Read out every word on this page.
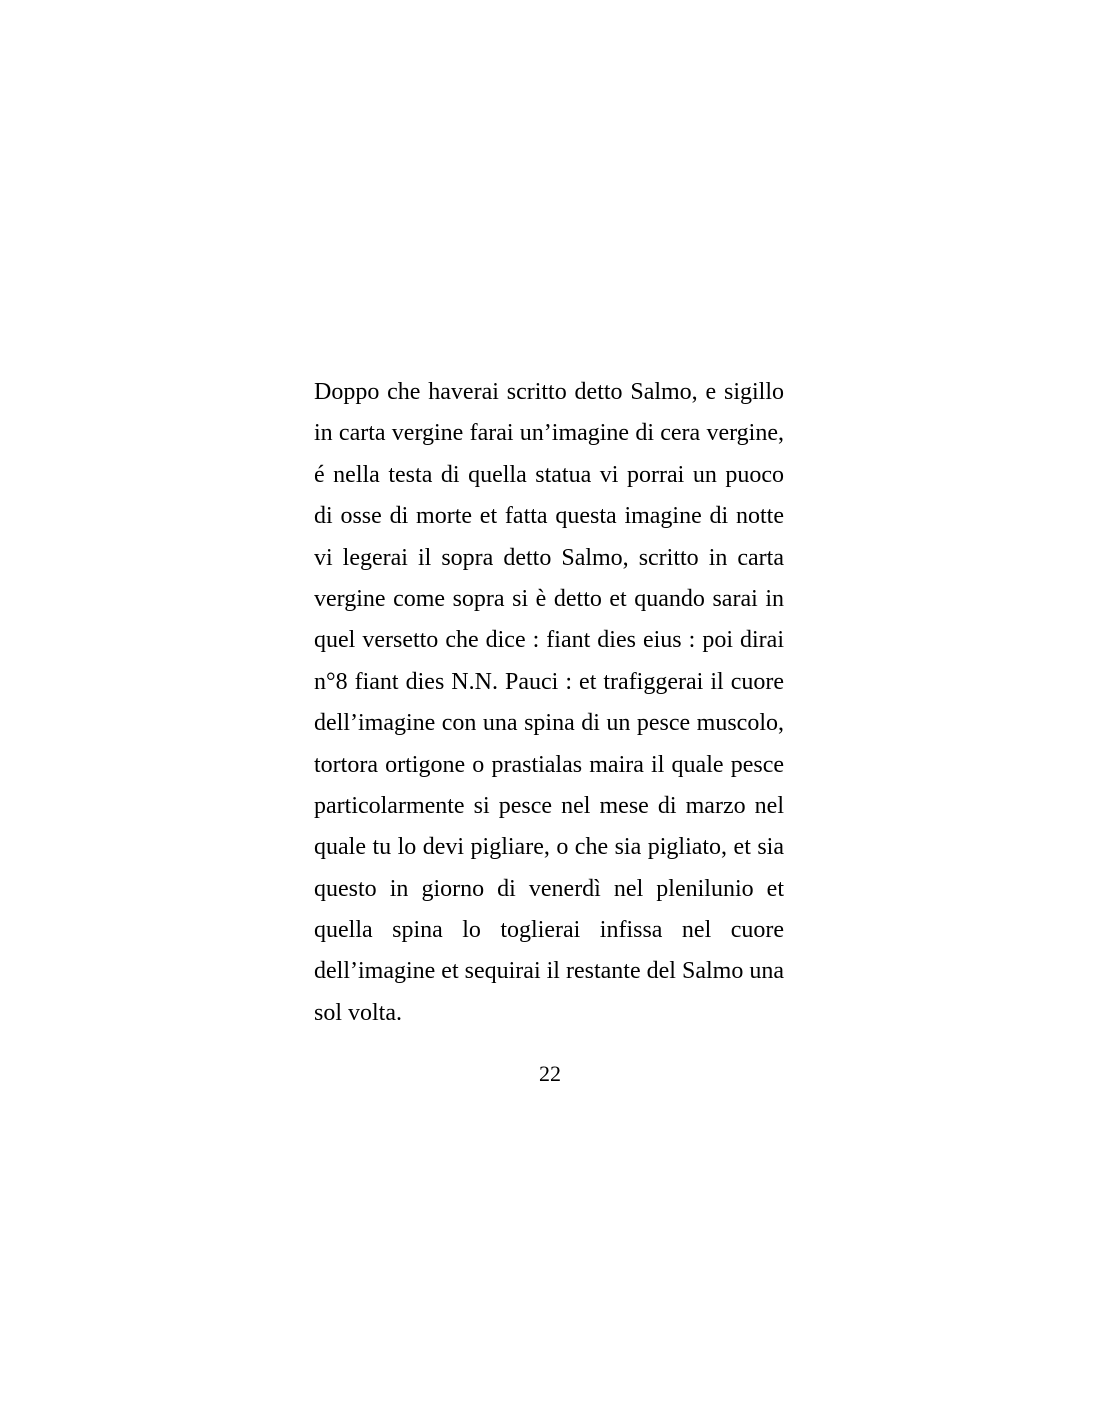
Doppo che haverai scritto detto Salmo, e sigillo
in carta vergine farai un’imagine di cera vergine,
é nella testa di quella statua vi porrai un puoco
di osse di morte et fatta questa imagine di notte
vi legerai il sopra detto Salmo, scritto in carta
vergine come sopra si è detto et quando sarai in
quel versetto che dice : fiant dies eius : poi dirai
n°8 fiant dies N.N. Pauci : et trafiggerai il cuore
dell’imagine con una spina di un pesce muscolo,
tortora ortigone o prastialas maira il quale pesce
particolarmente si pesce nel mese di marzo nel
quale tu lo devi pigliare, o che sia pigliato, et sia
questo in giorno di venerdì nel plenilunio et
quella spina lo toglierai infissa nel cuore
dell’imagine et sequirai il restante del Salmo una
sol volta.
22
